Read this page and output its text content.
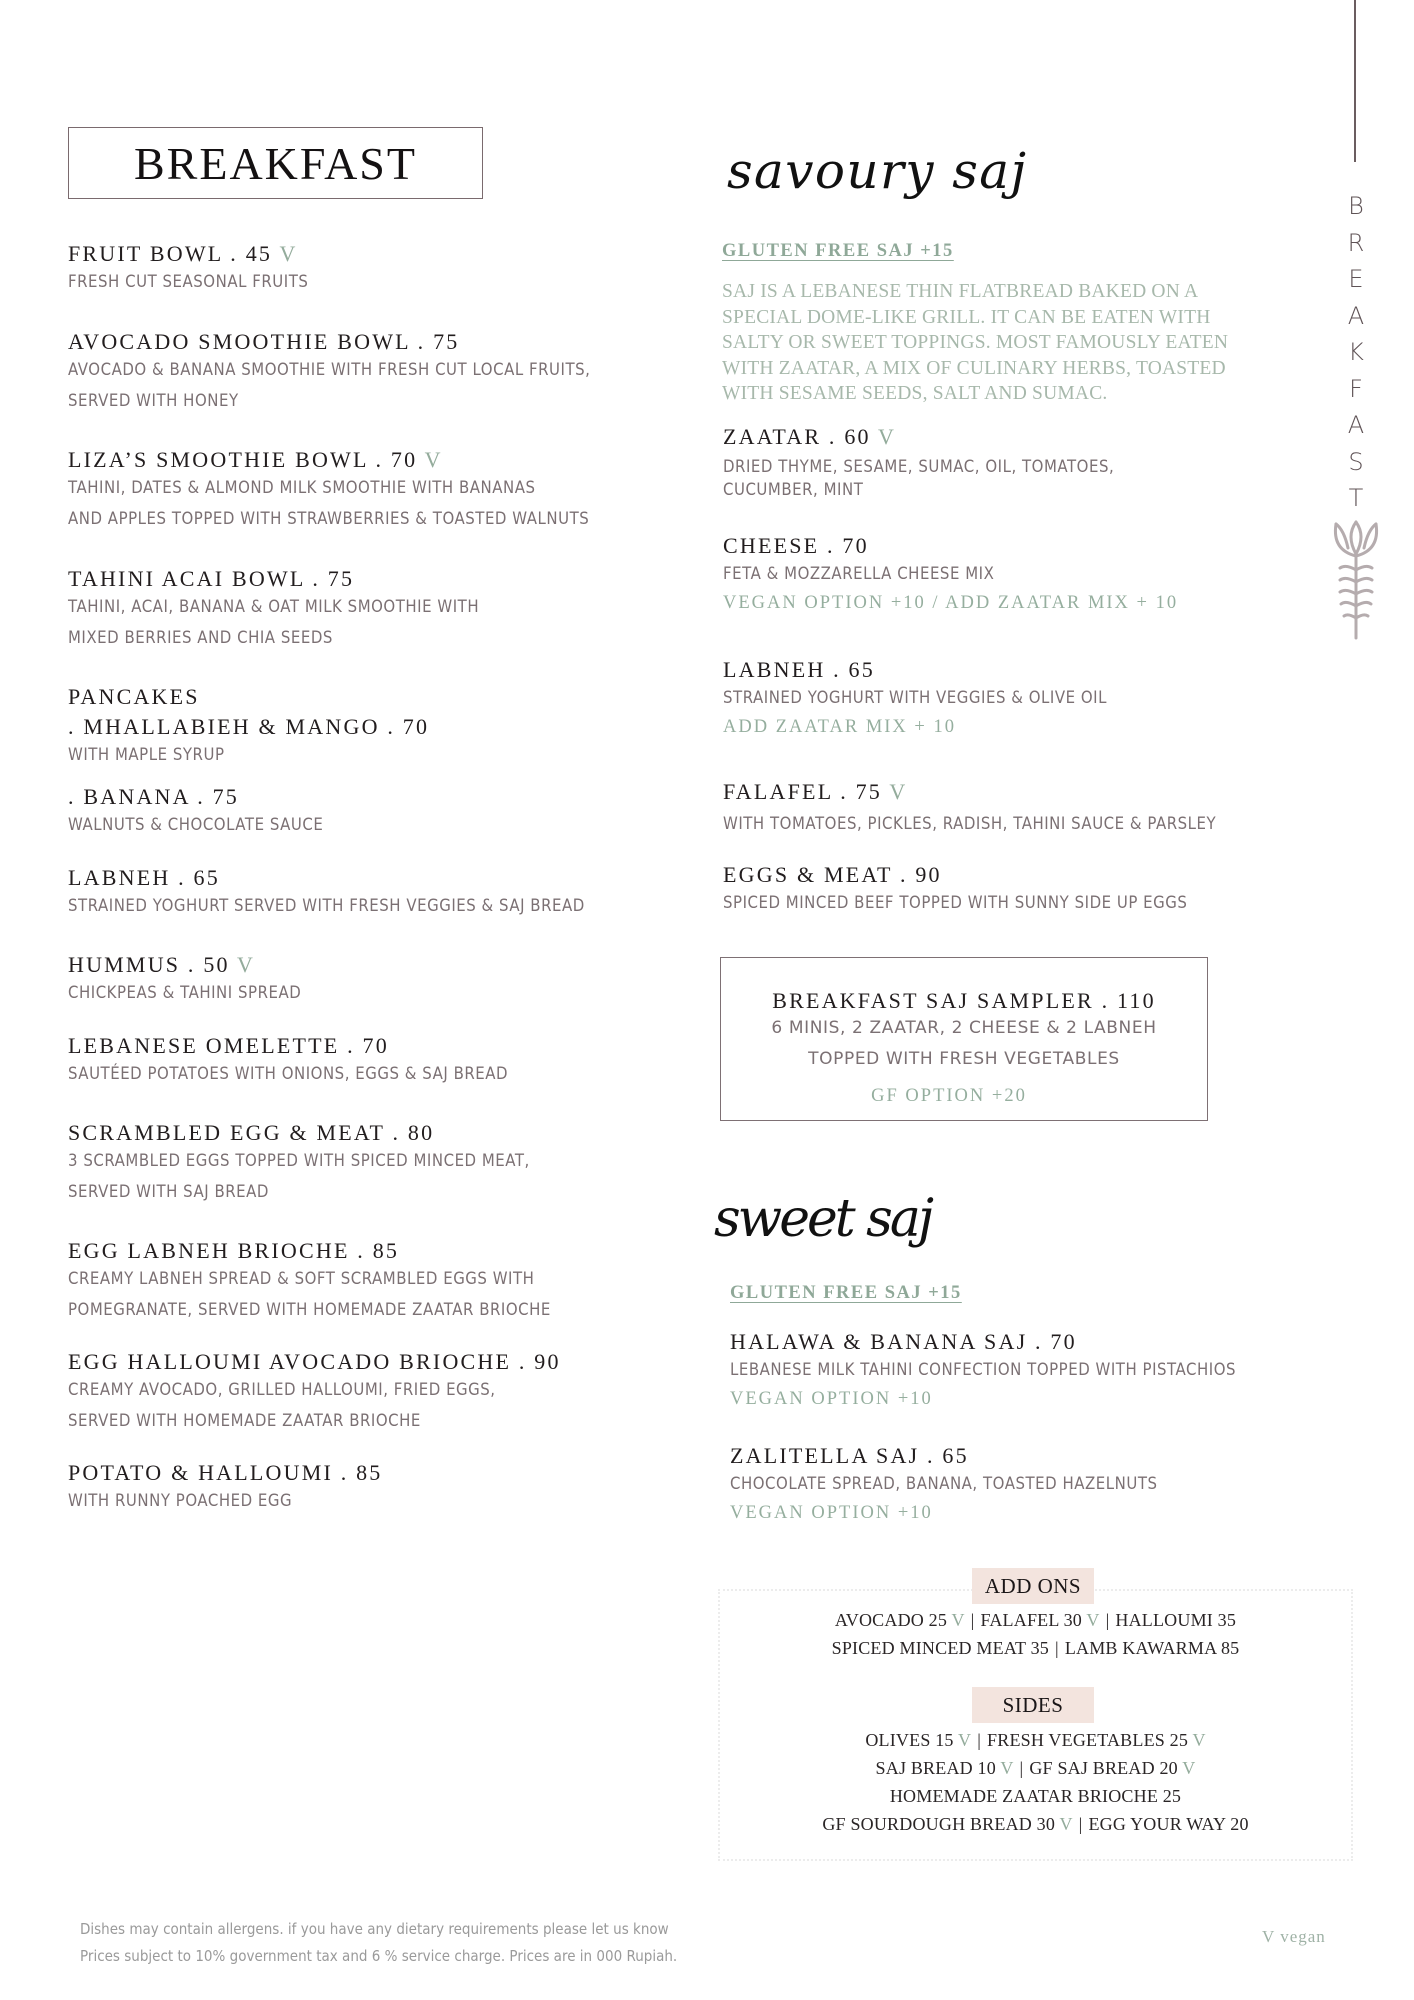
BREAKFAST
FRUIT BOWL . 45 V
FRESH CUT SEASONAL FRUITS
AVOCADO SMOOTHIE BOWL . 75
AVOCADO & BANANA SMOOTHIE WITH FRESH CUT LOCAL FRUITS,
SERVED WITH HONEY
LIZA’S SMOOTHIE BOWL . 70 V
TAHINI, DATES & ALMOND MILK SMOOTHIE WITH BANANAS
AND APPLES TOPPED WITH STRAWBERRIES & TOASTED WALNUTS
TAHINI ACAI BOWL . 75
TAHINI, ACAI, BANANA & OAT MILK SMOOTHIE WITH
MIXED BERRIES AND CHIA SEEDS
PANCAKES
. MHALLABIEH & MANGO . 70
WITH MAPLE SYRUP
. BANANA . 75
WALNUTS & CHOCOLATE SAUCE
LABNEH . 65
STRAINED YOGHURT SERVED WITH FRESH VEGGIES & SAJ BREAD
HUMMUS . 50 V
CHICKPEAS & TAHINI SPREAD
LEBANESE OMELETTE . 70
SAUTÉED POTATOES WITH ONIONS, EGGS & SAJ BREAD
SCRAMBLED EGG & MEAT . 80
3 SCRAMBLED EGGS TOPPED WITH SPICED MINCED MEAT,
SERVED WITH SAJ BREAD
EGG LABNEH BRIOCHE . 85
CREAMY LABNEH SPREAD & SOFT SCRAMBLED EGGS WITH
POMEGRANATE, SERVED WITH HOMEMADE ZAATAR BRIOCHE
EGG HALLOUMI AVOCADO BRIOCHE . 90
CREAMY AVOCADO, GRILLED HALLOUMI, FRIED EGGS,
SERVED WITH HOMEMADE ZAATAR BRIOCHE
POTATO & HALLOUMI . 85
WITH RUNNY POACHED EGG
savoury saj
GLUTEN FREE SAJ +15
SAJ IS A LEBANESE THIN FLATBREAD BAKED ON A
SPECIAL DOME-LIKE GRILL. IT CAN BE EATEN WITH
SALTY OR SWEET TOPPINGS. MOST FAMOUSLY EATEN
WITH ZAATAR, A MIX OF CULINARY HERBS, TOASTED
WITH SESAME SEEDS, SALT AND SUMAC.
ZAATAR . 60 V
DRIED THYME, SESAME, SUMAC, OIL, TOMATOES,
CUCUMBER, MINT
CHEESE . 70
FETA & MOZZARELLA CHEESE MIX
VEGAN OPTION +10 / ADD ZAATAR MIX + 10
LABNEH . 65
STRAINED YOGHURT WITH VEGGIES & OLIVE OIL
ADD ZAATAR MIX + 10
FALAFEL . 75 V
WITH TOMATOES, PICKLES, RADISH, TAHINI SAUCE & PARSLEY
EGGS & MEAT . 90
SPICED MINCED BEEF TOPPED WITH SUNNY SIDE UP EGGS
BREAKFAST SAJ SAMPLER . 110
6 MINIS, 2 ZAATAR, 2 CHEESE & 2 LABNEH
TOPPED WITH FRESH VEGETABLES
GF OPTION +20
sweet saj
GLUTEN FREE SAJ +15
HALAWA & BANANA SAJ . 70
LEBANESE MILK TAHINI CONFECTION TOPPED WITH PISTACHIOS
VEGAN OPTION +10
ZALITELLA SAJ . 65
CHOCOLATE SPREAD, BANANA, TOASTED HAZELNUTS
VEGAN OPTION +10
ADD ONS
AVOCADO 25 V | FALAFEL 30 V | HALLOUMI 35
SPICED MINCED MEAT 35 | LAMB KAWARMA 85
SIDES
OLIVES 15 V | FRESH VEGETABLES 25 V
SAJ BREAD 10 V | GF SAJ BREAD 20 V
HOMEMADE ZAATAR BRIOCHE 25
GF SOURDOUGH BREAD 30 V | EGG YOUR WAY 20
B
R
E
A
K
F
A
S
T
Dishes may contain allergens. if you have any dietary requirements please let us know
Prices subject to 10% government tax and 6 % service charge. Prices are in 000 Rupiah.
V vegan
